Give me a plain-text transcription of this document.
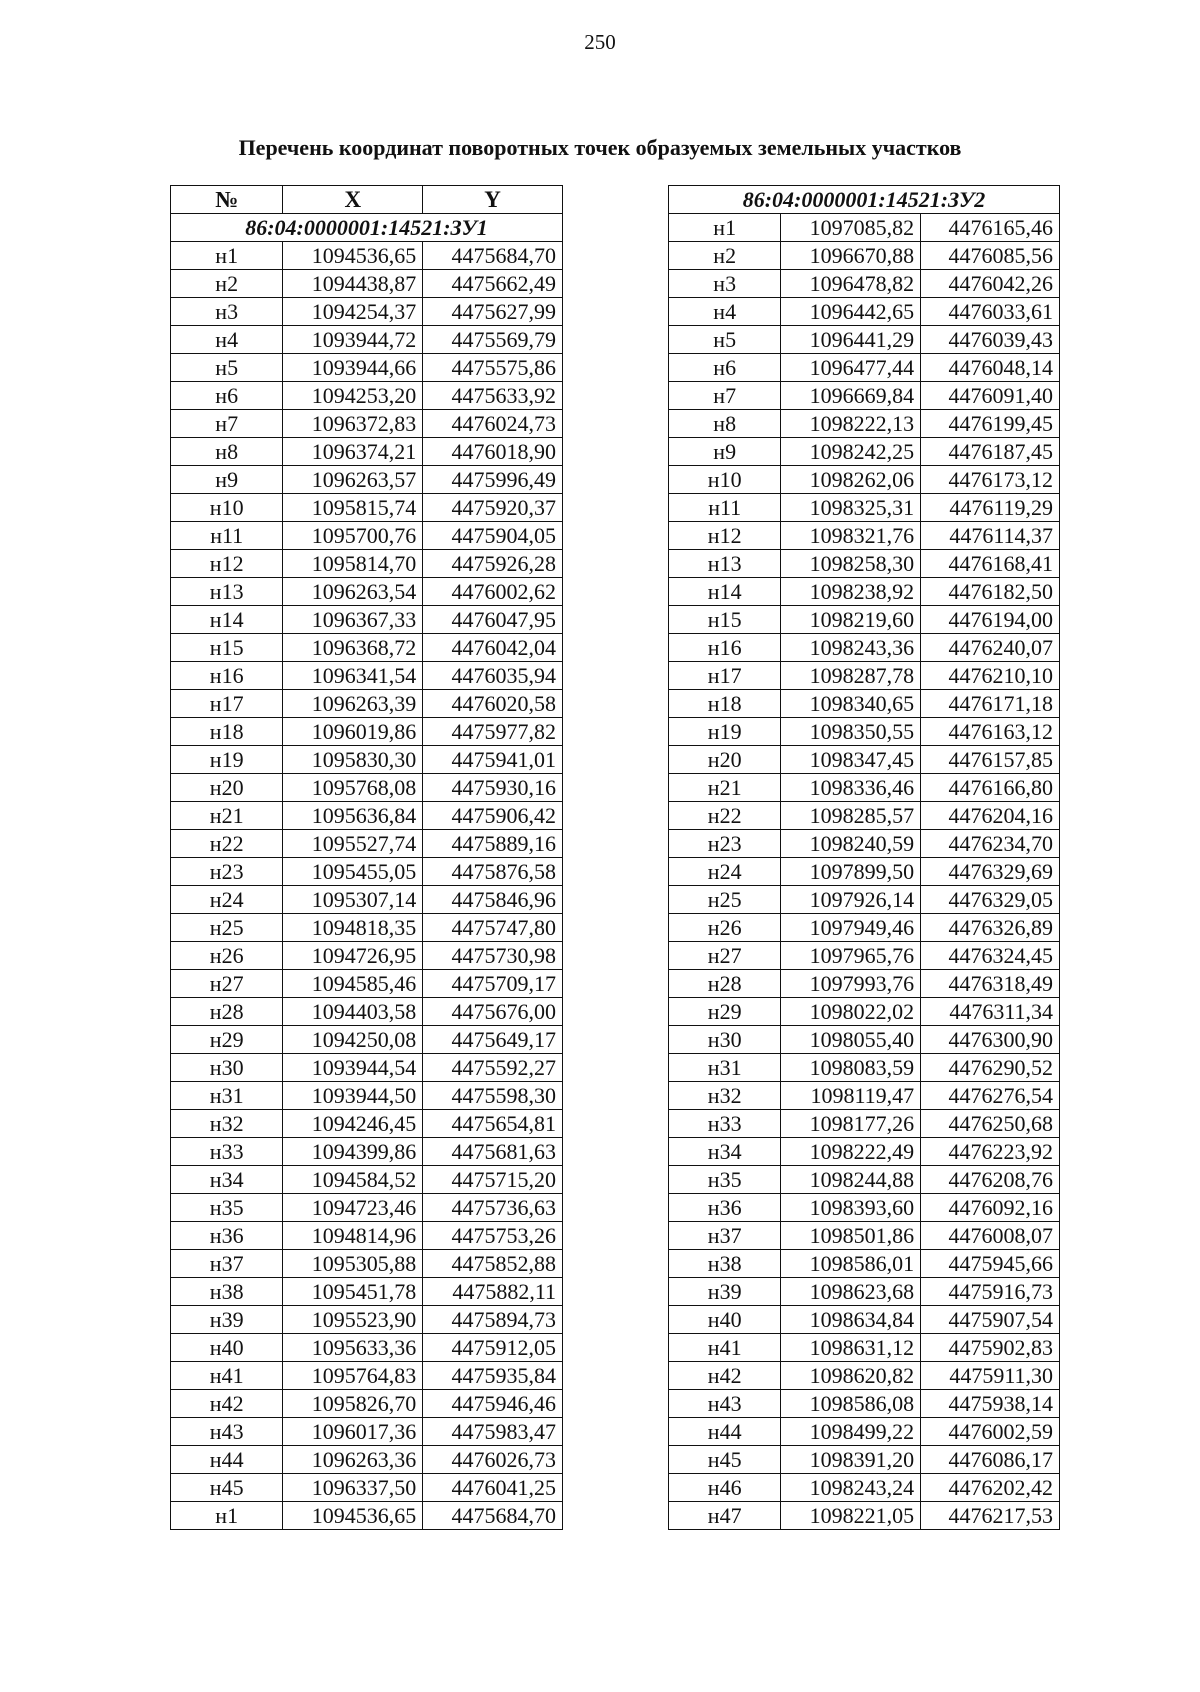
250
Перечень координат поворотных точек образуемых земельных участков
№	X	Y
86:04:0000001:14521:ЗУ1		
н1	1094536,65	4475684,70
н2	1094438,87	4475662,49
н3	1094254,37	4475627,99
н4	1093944,72	4475569,79
н5	1093944,66	4475575,86
н6	1094253,20	4475633,92
н7	1096372,83	4476024,73
н8	1096374,21	4476018,90
н9	1096263,57	4475996,49
н10	1095815,74	4475920,37
н11	1095700,76	4475904,05
н12	1095814,70	4475926,28
н13	1096263,54	4476002,62
н14	1096367,33	4476047,95
н15	1096368,72	4476042,04
н16	1096341,54	4476035,94
н17	1096263,39	4476020,58
н18	1096019,86	4475977,82
н19	1095830,30	4475941,01
н20	1095768,08	4475930,16
н21	1095636,84	4475906,42
н22	1095527,74	4475889,16
н23	1095455,05	4475876,58
н24	1095307,14	4475846,96
н25	1094818,35	4475747,80
н26	1094726,95	4475730,98
н27	1094585,46	4475709,17
н28	1094403,58	4475676,00
н29	1094250,08	4475649,17
н30	1093944,54	4475592,27
н31	1093944,50	4475598,30
н32	1094246,45	4475654,81
н33	1094399,86	4475681,63
н34	1094584,52	4475715,20
н35	1094723,46	4475736,63
н36	1094814,96	4475753,26
н37	1095305,88	4475852,88
н38	1095451,78	4475882,11
н39	1095523,90	4475894,73
н40	1095633,36	4475912,05
н41	1095764,83	4475935,84
н42	1095826,70	4475946,46
н43	1096017,36	4475983,47
н44	1096263,36	4476026,73
н45	1096337,50	4476041,25
н1	1094536,65	4475684,70
86:04:0000001:14521:ЗУ2		
н1	1097085,82	4476165,46
н2	1096670,88	4476085,56
н3	1096478,82	4476042,26
н4	1096442,65	4476033,61
н5	1096441,29	4476039,43
н6	1096477,44	4476048,14
н7	1096669,84	4476091,40
н8	1098222,13	4476199,45
н9	1098242,25	4476187,45
н10	1098262,06	4476173,12
н11	1098325,31	4476119,29
н12	1098321,76	4476114,37
н13	1098258,30	4476168,41
н14	1098238,92	4476182,50
н15	1098219,60	4476194,00
н16	1098243,36	4476240,07
н17	1098287,78	4476210,10
н18	1098340,65	4476171,18
н19	1098350,55	4476163,12
н20	1098347,45	4476157,85
н21	1098336,46	4476166,80
н22	1098285,57	4476204,16
н23	1098240,59	4476234,70
н24	1097899,50	4476329,69
н25	1097926,14	4476329,05
н26	1097949,46	4476326,89
н27	1097965,76	4476324,45
н28	1097993,76	4476318,49
н29	1098022,02	4476311,34
н30	1098055,40	4476300,90
н31	1098083,59	4476290,52
н32	1098119,47	4476276,54
н33	1098177,26	4476250,68
н34	1098222,49	4476223,92
н35	1098244,88	4476208,76
н36	1098393,60	4476092,16
н37	1098501,86	4476008,07
н38	1098586,01	4475945,66
н39	1098623,68	4475916,73
н40	1098634,84	4475907,54
н41	1098631,12	4475902,83
н42	1098620,82	4475911,30
н43	1098586,08	4475938,14
н44	1098499,22	4476002,59
н45	1098391,20	4476086,17
н46	1098243,24	4476202,42
н47	1098221,05	4476217,53
